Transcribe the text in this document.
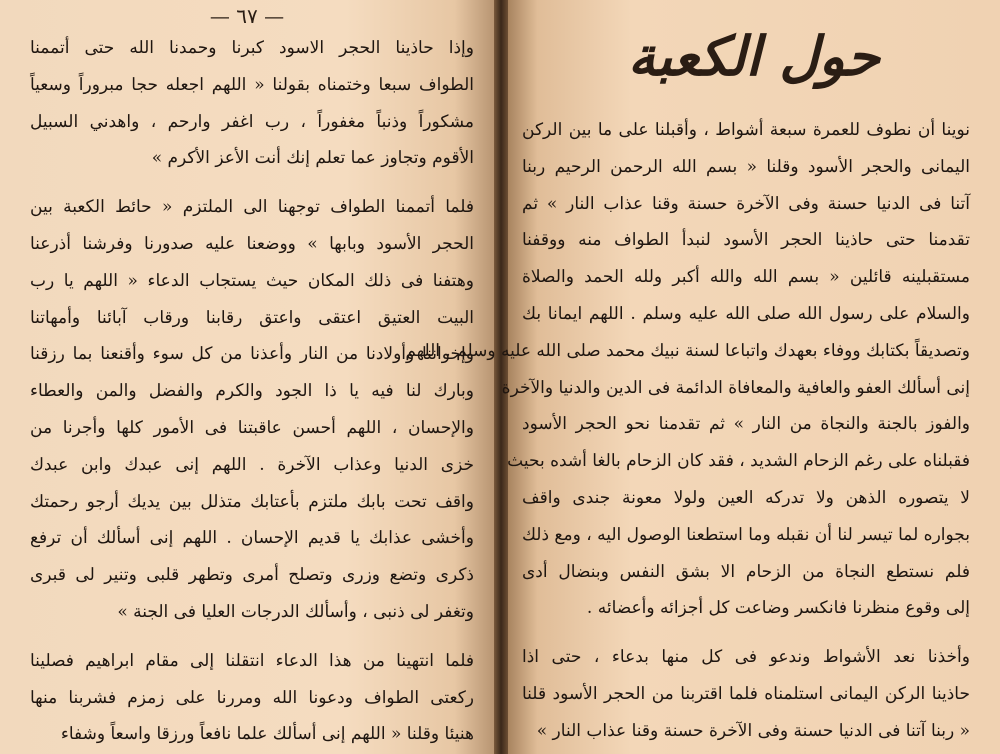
— ٦٧ —
وإذا حاذينا الحجر الاسود كبرنا وحمدنا الله حتى أتممنا
الطواف سبعا وختمناه بقولنا « اللهم اجعله حجا مبروراً وسعياً
مشكوراً وذنباً مغفوراً ، رب اغفر وارحم ، واهدني السبيل
الأقوم وتجاوز عما تعلم إنك أنت الأعز الأكرم »
فلما أتممنا الطواف توجهنا الى الملتزم « حائط الكعبة بين
الحجر الأسود وبابها » ووضعنا عليه صدورنا وفرشنا أذرعنا
وهتفنا فى ذلك المكان حيث يستجاب الدعاء « اللهم يا رب
البيت العتيق اعتقى واعتق رقابنا ورقاب آبائنا وأمهاتنا
وإخواننا وأولادنا من النار وأعذنا من كل سوء وأقنعنا بما رزقنا
وبارك لنا فيه يا ذا الجود والكرم والفضل والمن والعطاء
والإحسان ، اللهم أحسن عاقبتنا فى الأمور كلها وأجرنا من
خزى الدنيا وعذاب الآخرة . اللهم إنى عبدك وابن عبدك
واقف تحت بابك ملتزم بأعتابك متذلل بين يديك أرجو رحمتك
وأخشى عذابك يا قديم الإحسان . اللهم إنى أسألك أن ترفع
ذكرى وتضع وزرى وتصلح أمرى وتطهر قلبى وتنير لى قبرى
وتغفر لى ذنبى ، وأسألك الدرجات العليا فى الجنة »
فلما انتهينا من هذا الدعاء انتقلنا إلى مقام ابراهيم فصلينا
ركعتى الطواف ودعونا الله ومررنا على زمزم فشربنا منها
هنيئا وقلنا « اللهم إنى أسألك علما نافعاً ورزقا واسعاً وشفاء
حول الكعبة
نوينا أن نطوف للعمرة سبعة أشواط ، وأقبلنا على ما بين الركن
اليمانى والحجر الأسود وقلنا « بسم الله الرحمن الرحيم ربنا
آتنا فى الدنيا حسنة وفى الآخرة حسنة وقنا عذاب النار » ثم
تقدمنا حتى حاذينا الحجر الأسود لنبدأ الطواف منه ووقفنا
مستقبلينه قائلين « بسم الله والله أكبر ولله الحمد والصلاة
والسلام على رسول الله صلى الله عليه وسلم . اللهم ايمانا بك
وتصديقاً بكتابك ووفاء بعهدك واتباعا لسنة نبيك محمد صلى الله عليه وسلم . اللهم
إنى أسألك العفو والعافية والمعافاة الدائمة فى الدين والدنيا والآخرة
والفوز بالجنة والنجاة من النار » ثم تقدمنا نحو الحجر الأسود
فقبلناه على رغم الزحام الشديد ، فقد كان الزحام بالغا أشده بحيث
لا يتصوره الذهن ولا تدركه العين ولولا معونة جندى واقف
بجواره لما تيسر لنا أن نقبله وما استطعنا الوصول اليه ، ومع ذلك
فلم نستطع النجاة من الزحام الا بشق النفس وبنضال أدى
إلى وقوع منظرنا فانكسر وضاعت كل أجزائه وأعضائه .
وأخذنا نعد الأشواط وندعو فى كل منها بدعاء ، حتى اذا
حاذينا الركن اليمانى استلمناه فلما اقتربنا من الحجر الأسود قلنا
« ربنا آتنا فى الدنيا حسنة وفى الآخرة حسنة وقنا عذاب النار »
